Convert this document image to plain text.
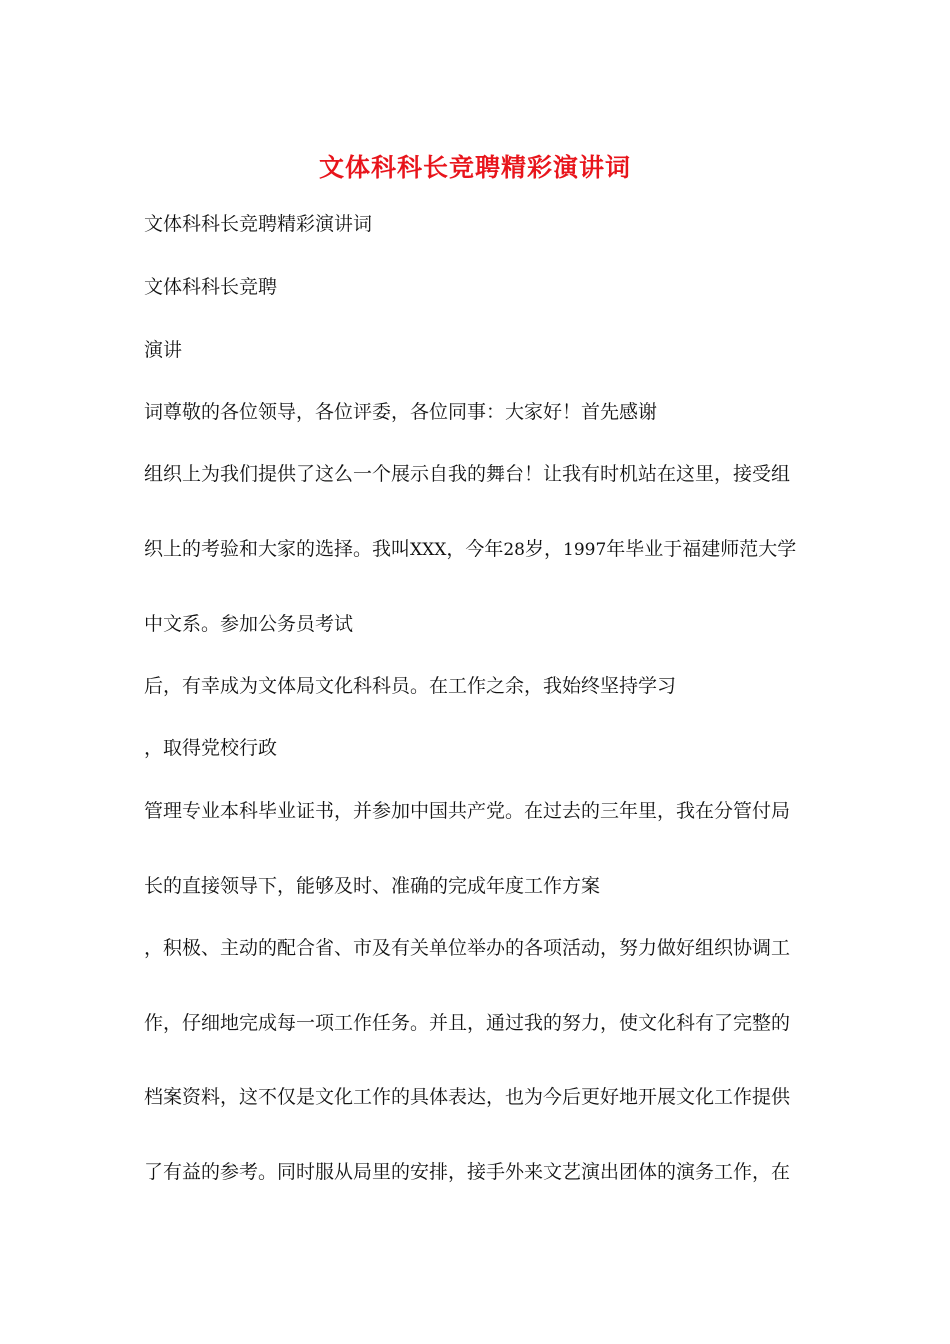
文体科科长竞聘精彩演讲词

文体科科长竞聘精彩演讲词

文体科科长竞聘

演讲

词尊敬的各位领导，各位评委，各位同事：大家好！首先感谢

组织上为我们提供了这么一个展示自我的舞台！让我有时机站在这里，接受组

织上的考验和大家的选择。我叫XXX，今年28岁，1997年毕业于福建师范大学

中文系。参加公务员考试

后，有幸成为文体局文化科科员。在工作之余，我始终坚持学习

，取得党校行政

管理专业本科毕业证书，并参加中国共产党。在过去的三年里，我在分管付局

长的直接领导下，能够及时、准确的完成年度工作方案

，积极、主动的配合省、市及有关单位举办的各项活动，努力做好组织协调工

作，仔细地完成每一项工作任务。并且，通过我的努力，使文化科有了完整的

档案资料，这不仅是文化工作的具体表达，也为今后更好地开展文化工作提供

了有益的参考。同时服从局里的安排，接手外来文艺演出团体的演务工作，在
